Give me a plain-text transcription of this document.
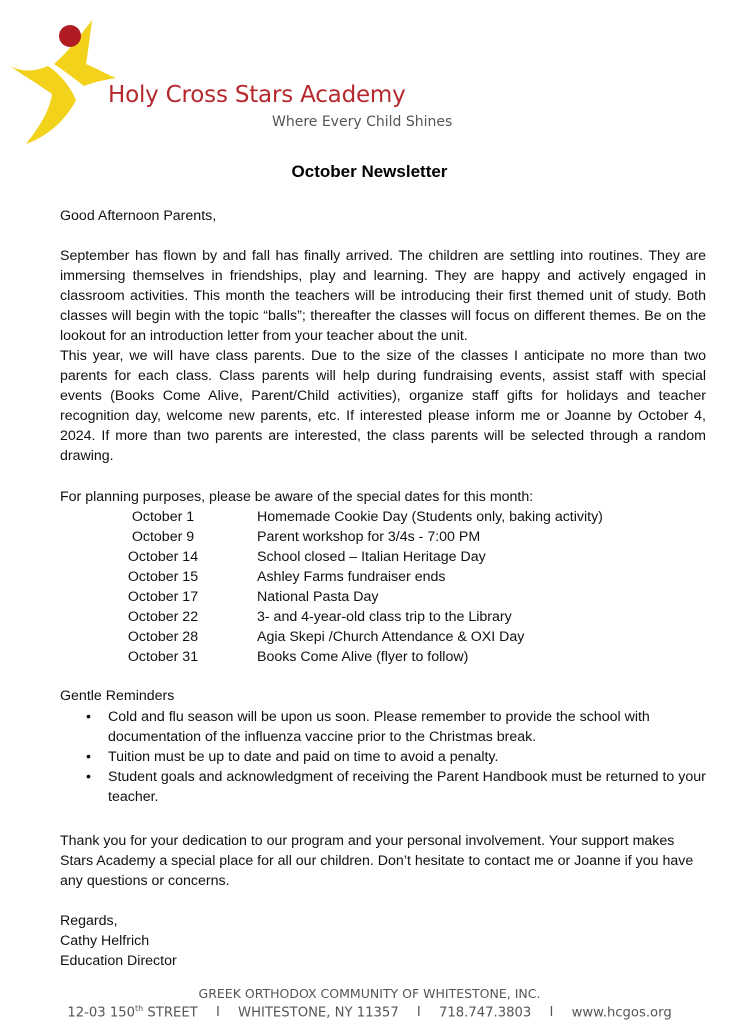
Holy Cross Stars Academy
Where Every Child Shines
October Newsletter
Good Afternoon Parents,
September has flown by and fall has finally arrived. The children are settling into routines. They are immersing themselves in friendships, play and learning. They are happy and actively engaged in classroom activities. This month the teachers will be introducing their first themed unit of study. Both classes will begin with the topic “balls”; thereafter the classes will focus on different themes. Be on the lookout for an introduction letter from your teacher about the unit.
This year, we will have class parents. Due to the size of the classes I anticipate no more than two parents for each class. Class parents will help during fundraising events, assist staff with special events (Books Come Alive, Parent/Child activities), organize staff gifts for holidays and teacher recognition day, welcome new parents, etc. If interested please inform me or Joanne by October 4, 2024. If more than two parents are interested, the class parents will be selected through a random drawing.
For planning purposes, please be aware of the special dates for this month:
October 1	Homemade Cookie Day (Students only, baking activity)
October 9	Parent workshop for 3/4s - 7:00 PM
October 14	School closed – Italian Heritage Day
October 15	Ashley Farms fundraiser ends
October 17	National Pasta Day
October 22	3- and 4-year-old class trip to the Library
October 28	Agia Skepi /Church Attendance & OXI Day
October 31	Books Come Alive (flyer to follow)
Gentle Reminders
• Cold and flu season will be upon us soon. Please remember to provide the school with documentation of the influenza vaccine prior to the Christmas break.
• Tuition must be up to date and paid on time to avoid a penalty.
• Student goals and acknowledgment of receiving the Parent Handbook must be returned to your teacher.
Thank you for your dedication to our program and your personal involvement. Your support makes Stars Academy a special place for all our children. Don’t hesitate to contact me or Joanne if you have any questions or concerns.
Regards,
Cathy Helfrich
Education Director
GREEK ORTHODOX COMMUNITY OF WHITESTONE, INC.
12-03 150th STREET I WHITESTONE, NY 11357 I 718.747.3803 I www.hcgos.org
